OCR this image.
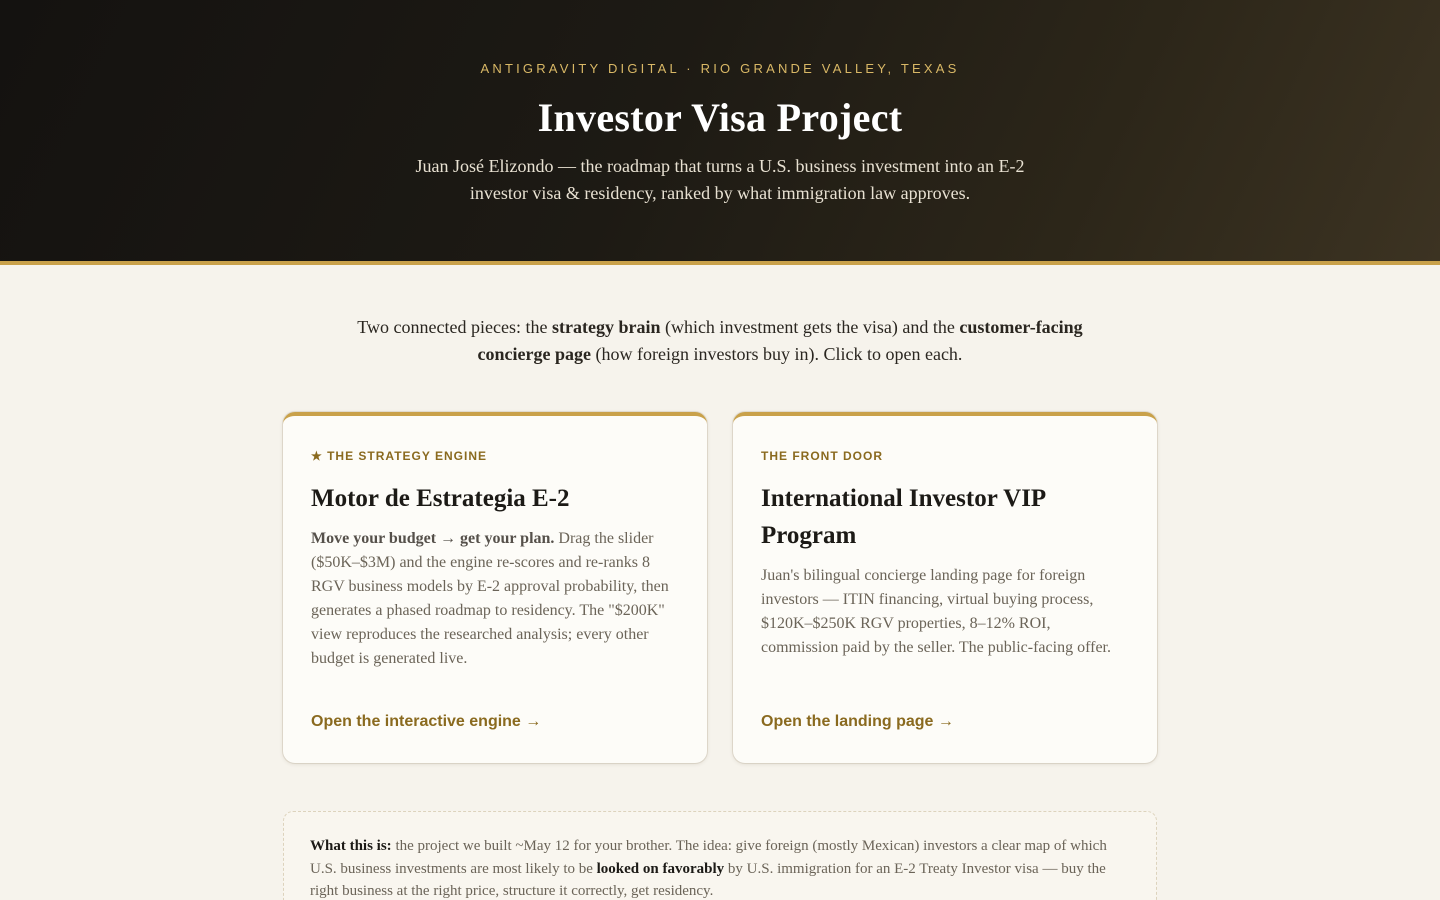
ANTIGRAVITY DIGITAL · RIO GRANDE VALLEY, TEXAS
Investor Visa Project

Juan José Elizondo — the roadmap that turns a U.S. business investment into an E-2 investor visa & residency, ranked by what immigration law approves.

Two connected pieces: the strategy brain (which investment gets the visa) and the customer-facing concierge page (how foreign investors buy in). Click to open each.

★ THE STRATEGY ENGINE
Motor de Estrategia E-2

Move your budget → get your plan. Drag the slider ($50K–$3M) and the engine re-scores and re-ranks 8 RGV business models by E-2 approval probability, then generates a phased roadmap to residency. The "$200K" view reproduces the researched analysis; every other budget is generated live.

Open the interactive engine →
THE FRONT DOOR
International Investor VIP Program

Juan's bilingual concierge landing page for foreign investors — ITIN financing, virtual buying process, $120K–$250K RGV properties, 8–12% ROI, commission paid by the seller. The public-facing offer.

Open the landing page →
What this is: the project we built ~May 12 for your brother. The idea: give foreign (mostly Mexican) investors a clear map of which U.S. business investments are most likely to be looked on favorably by U.S. immigration for an E-2 Treaty Investor visa — buy the right business at the right price, structure it correctly, get residency.
